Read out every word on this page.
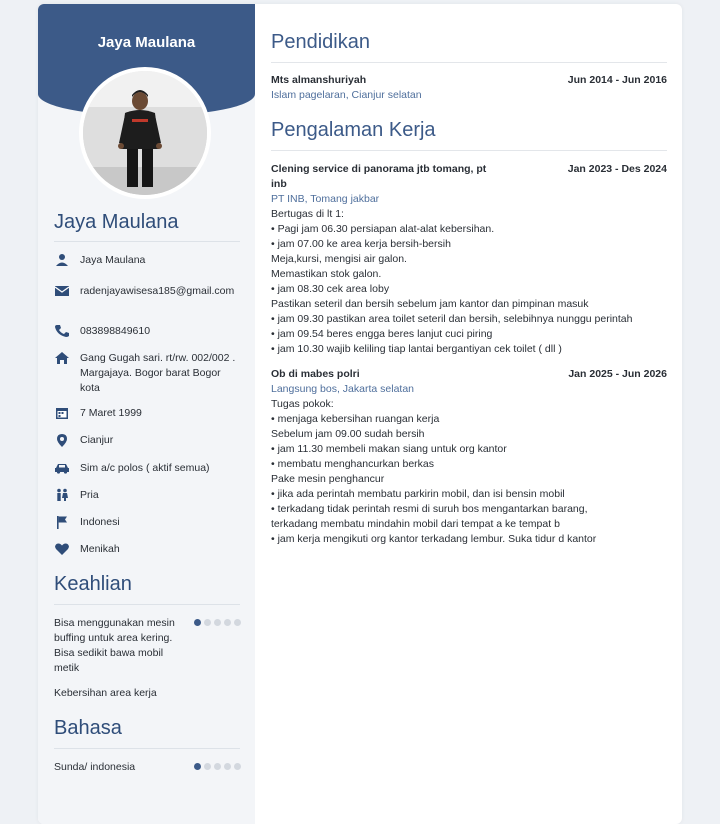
Jaya Maulana
Jaya Maulana
Jaya Maulana
radenjayawisesa185@gmail.com
083898849610
Gang Gugah sari. rt/rw. 002/002 . Margajaya. Bogor barat Bogor kota
7 Maret 1999
Cianjur
Sim a/c polos ( aktif semua)
Pria
Indonesi
Menikah
Keahlian
Bisa menggunakan mesin buffing untuk area kering. Bisa sedikit bawa mobil metik
Kebersihan area kerja
Bahasa
Sunda/ indonesia
Pendidikan
Mts almanshuriyah	Jun 2014 - Jun 2016
Islam pagelaran, Cianjur selatan
Pengalaman Kerja
Clening service di panorama jtb tomang, pt	Jan 2023 - Des 2024
inb
PT INB, Tomang jakbar
Bertugas di lt 1:
• Pagi jam 06.30 persiapan alat-alat kebersihan.
• jam 07.00 ke area kerja bersih-bersih
Meja,kursi, mengisi air galon.
Memastikan stok galon.
• jam 08.30 cek area loby
Pastikan seteril dan bersih sebelum jam kantor dan pimpinan masuk
• jam 09.30 pastikan area toilet seteril dan bersih, selebihnya nunggu perintah
• jam 09.54 beres engga beres lanjut cuci piring
• jam 10.30 wajib keliling tiap lantai bergantiyan cek toilet ( dll )
Ob di mabes polri	Jan 2025 - Jun 2026
Langsung bos, Jakarta selatan
Tugas pokok:
• menjaga kebersihan ruangan kerja
Sebelum jam 09.00 sudah bersih
• jam 11.30 membeli makan siang untuk org kantor
• membatu menghancurkan berkas
Pake mesin penghancur
• jika ada perintah membatu parkirin mobil, dan isi bensin mobil
• terkadang tidak perintah resmi di suruh bos mengantarkan barang,
terkadang membatu mindahin mobil dari tempat a ke tempat b
• jam kerja mengikuti org kantor terkadang lembur. Suka tidur d kantor
